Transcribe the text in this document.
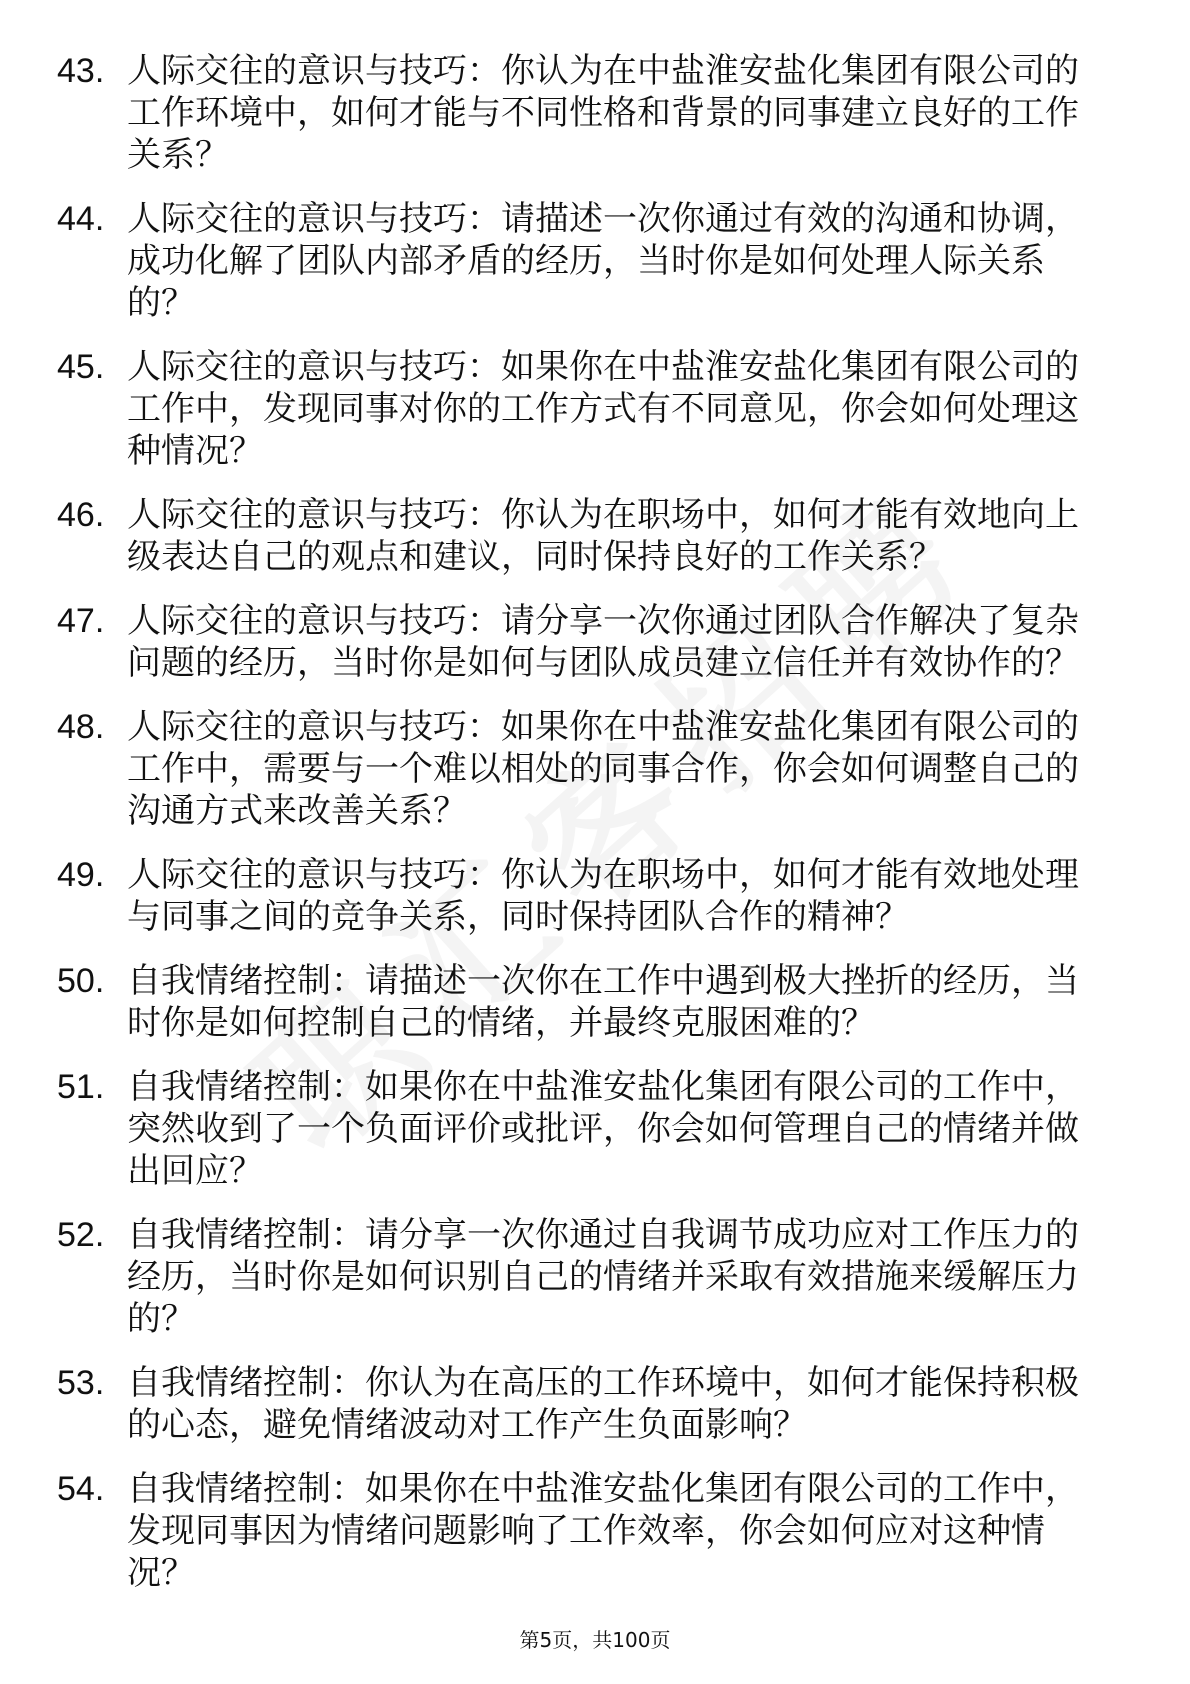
43. 人际交往的意识与技巧：你认为在中盐淮安盐化集团有限公司的工作环境中，如何才能与不同性格和背景的同事建立良好的工作关系？
44. 人际交往的意识与技巧：请描述一次你通过有效的沟通和协调，成功化解了团队内部矛盾的经历，当时你是如何处理人际关系的？
45. 人际交往的意识与技巧：如果你在中盐淮安盐化集团有限公司的工作中，发现同事对你的工作方式有不同意见，你会如何处理这种情况？
46. 人际交往的意识与技巧：你认为在职场中，如何才能有效地向上级表达自己的观点和建议，同时保持良好的工作关系？
47. 人际交往的意识与技巧：请分享一次你通过团队合作解决了复杂问题的经历，当时你是如何与团队成员建立信任并有效协作的？
48. 人际交往的意识与技巧：如果你在中盐淮安盐化集团有限公司的工作中，需要与一个难以相处的同事合作，你会如何调整自己的沟通方式来改善关系？
49. 人际交往的意识与技巧：你认为在职场中，如何才能有效地处理与同事之间的竞争关系，同时保持团队合作的精神？
50. 自我情绪控制：请描述一次你在工作中遇到极大挫折的经历，当时你是如何控制自己的情绪，并最终克服困难的？
51. 自我情绪控制：如果你在中盐淮安盐化集团有限公司的工作中，突然收到了一个负面评价或批评，你会如何管理自己的情绪并做出回应？
52. 自我情绪控制：请分享一次你通过自我调节成功应对工作压力的经历，当时你是如何识别自己的情绪并采取有效措施来缓解压力的？
53. 自我情绪控制：你认为在高压的工作环境中，如何才能保持积极的心态，避免情绪波动对工作产生负面影响？
54. 自我情绪控制：如果你在中盐淮安盐化集团有限公司的工作中，发现同事因为情绪问题影响了工作效率，你会如何应对这种情况？
第5页，共100页
